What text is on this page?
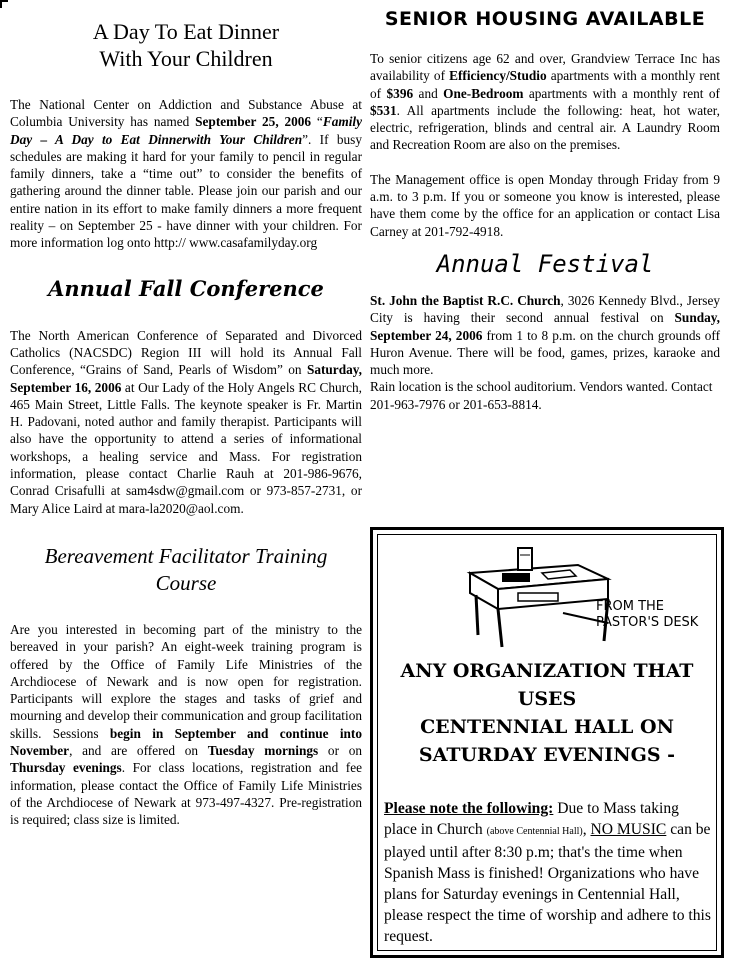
A Day To Eat Dinner
With Your Children

The National Center on Addiction and Substance Abuse at Columbia University has named September 25, 2006 “Family Day – A Day to Eat Dinnerwith Your Children”. If busy schedules are making it hard for your family to pencil in regular family dinners, take a “time out” to consider the benefits of gathering around the dinner table. Please join our parish and our entire nation in its effort to make family dinners a more frequent reality – on September 25 - have dinner with your children. For more information log onto http:// www.casafamilyday.org

Annual Fall Conference

The North American Conference of Separated and Divorced Catholics (NACSDC) Region III will hold its Annual Fall Conference, “Grains of Sand, Pearls of Wisdom” on Saturday, September 16, 2006 at Our Lady of the Holy Angels RC Church, 465 Main Street, Little Falls. The keynote speaker is Fr. Martin H. Padovani, noted author and family therapist. Participants will also have the opportunity to attend a series of informational workshops, a healing service and Mass. For registration information, please contact Charlie Rauh at 201-986-9676, Conrad Crisafulli at sam4sdw@gmail.com or 973-857-2731, or Mary Alice Laird at mara-la2020@aol.com.

Bereavement Facilitator Training
Course

Are you interested in becoming part of the ministry to the bereaved in your parish? An eight-week training program is offered by the Office of Family Life Ministries of the Archdiocese of Newark and is now open for registration. Participants will explore the stages and tasks of grief and mourning and develop their communication and group facilitation skills. Sessions begin in September and continue into November, and are offered on Tuesday mornings or on Thursday evenings. For class locations, registration and fee information, please contact the Office of Family Life Ministries of the Archdiocese of Newark at 973-497-4327. Pre-registration is required; class size is limited.

SENIOR HOUSING AVAILABLE

To senior citizens age 62 and over, Grandview Terrace Inc has availability of Efficiency/Studio apartments with a monthly rent of $396 and One-Bedroom apartments with a monthly rent of $531. All apartments include the following: heat, hot water, electric, refrigeration, blinds and central air. A Laundry Room and Recreation Room are also on the premises.

The Management office is open Monday through Friday from 9 a.m. to 3 p.m. If you or someone you know is interested, please have them come by the office for an application or contact Lisa Carney at 201-792-4918.

Annual Festival

St. John the Baptist R.C. Church, 3026 Kennedy Blvd., Jersey City is having their second annual festival on Sunday, September 24, 2006 from 1 to 8 p.m. on the church grounds off Huron Avenue. There will be food, games, prizes, karaoke and much more.

Rain location is the school auditorium. Vendors wanted. Contact 201-963-7976 or 201-653-8814.

FROM THE
PASTOR'S DESK
ANY ORGANIZATION THAT
USES
CENTENNIAL HALL ON
SATURDAY EVENINGS -
Please note the following: Due to Mass taking place in Church (above Centennial Hall), NO MUSIC can be played until after 8:30 p.m; that's the time when Spanish Mass is finished! Organizations who have plans for Saturday evenings in Centennial Hall, please respect the time of worship and adhere to this request.
